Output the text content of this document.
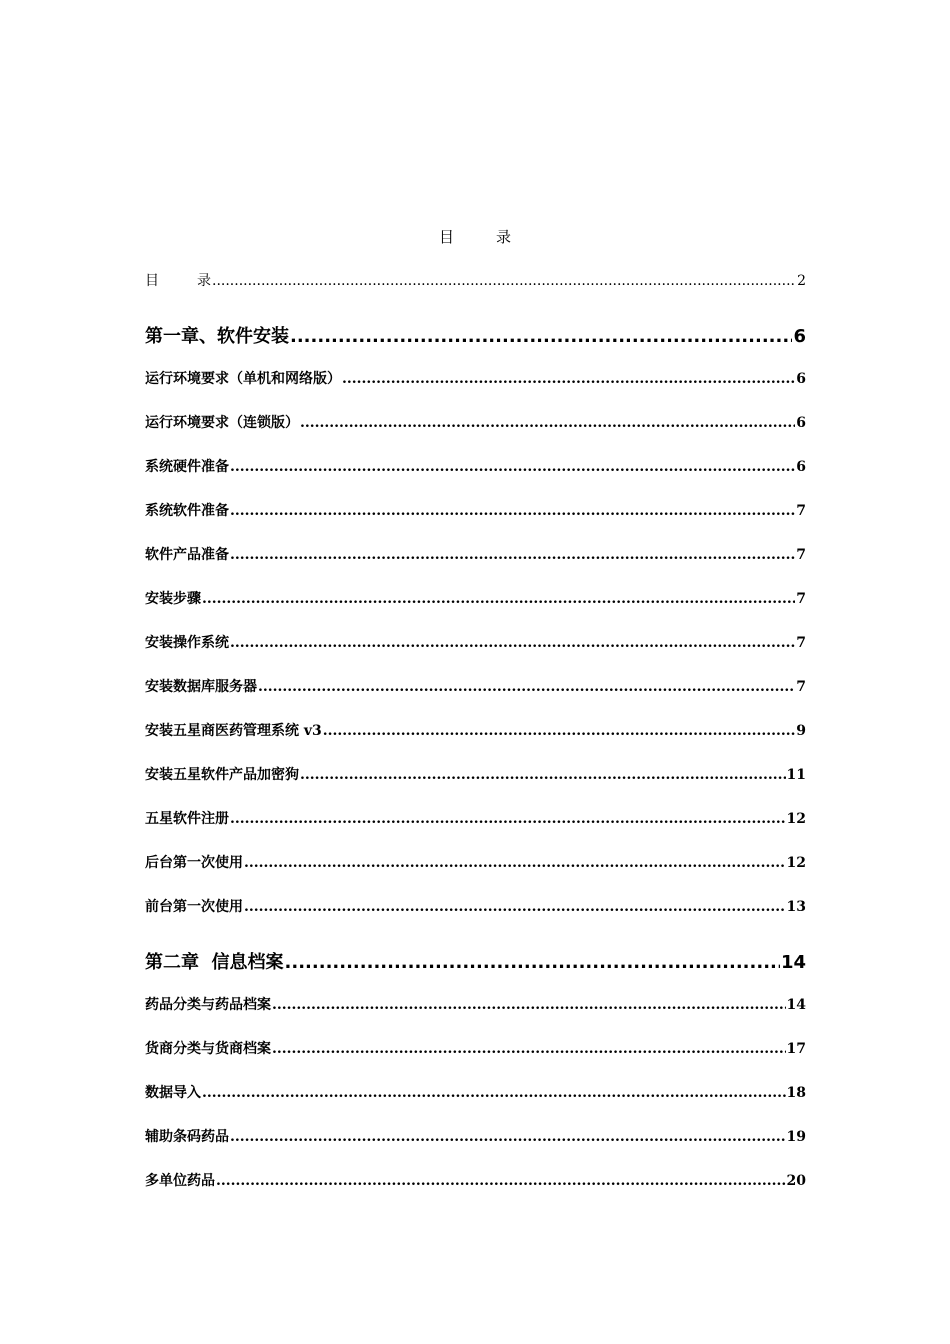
目	录
目	录 .....	2
第一章、软件安装 .....	6
运行环境要求（单机和网络版） .....	6
运行环境要求（连锁版） .....	6
系统硬件准备 .....	6
系统软件准备 .....	7
软件产品准备 .....	7
安装步骤 .....	7
安装操作系统 .....	7
安装数据库服务器 .....	7
安装五星商医药管理系统 v3 .....	9
安装五星软件产品加密狗 .....	11
五星软件注册 .....	12
后台第一次使用 .....	12
前台第一次使用 .....	13
第二章  信息档案 .....	14
药品分类与药品档案 .....	14
货商分类与货商档案 .....	17
数据导入 .....	18
辅助条码药品 .....	19
多单位药品 .....	20
